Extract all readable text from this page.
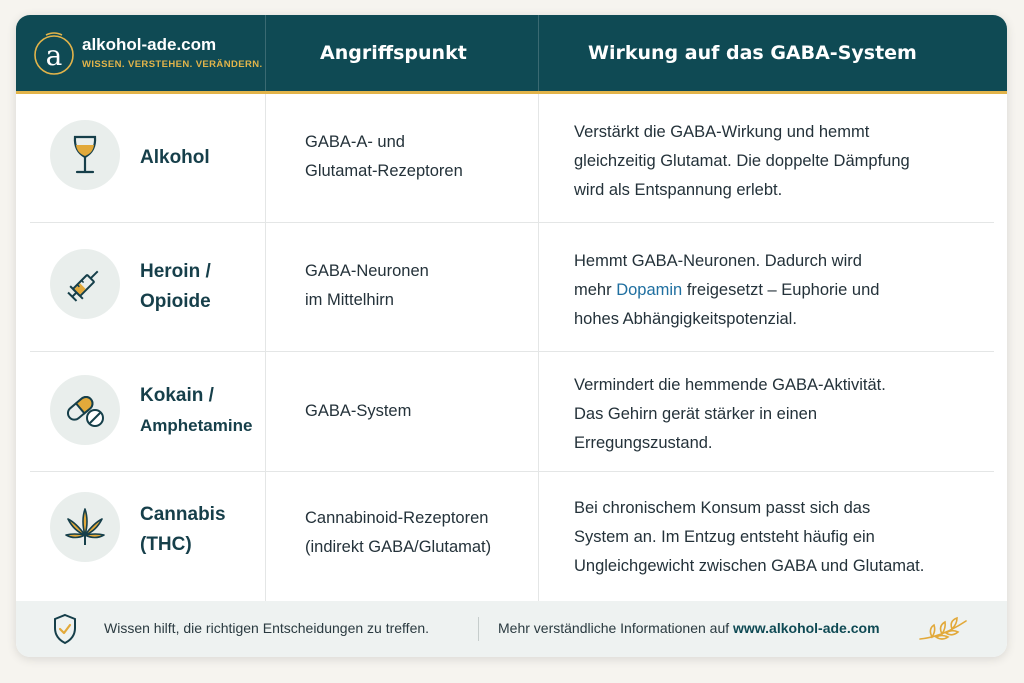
a alkohol-ade.com
WISSEN. VERSTEHEN. VERÄNDERN.
Angriffspunkt	Wirkung auf das GABA-System
Alkohol
GABA-A- und
Glutamat-Rezeptoren
Verstärkt die GABA-Wirkung und hemmt
gleichzeitig Glutamat. Die doppelte Dämpfung
wird als Entspannung erlebt.
Heroin /
Opioide
GABA-Neuronen
im Mittelhirn
Hemmt GABA-Neuronen. Dadurch wird
mehr Dopamin freigesetzt – Euphorie und
hohes Abhängigkeitspotenzial.
Kokain /
Amphetamine
GABA-System
Vermindert die hemmende GABA-Aktivität.
Das Gehirn gerät stärker in einen
Erregungszustand.
Cannabis
(THC)
Cannabinoid-Rezeptoren
(indirekt GABA/Glutamat)
Bei chronischem Konsum passt sich das
System an. Im Entzug entsteht häufig ein
Ungleichgewicht zwischen GABA und Glutamat.
Wissen hilft, die richtigen Entscheidungen zu treffen.	Mehr verständliche Informationen auf www.alkohol-ade.com
